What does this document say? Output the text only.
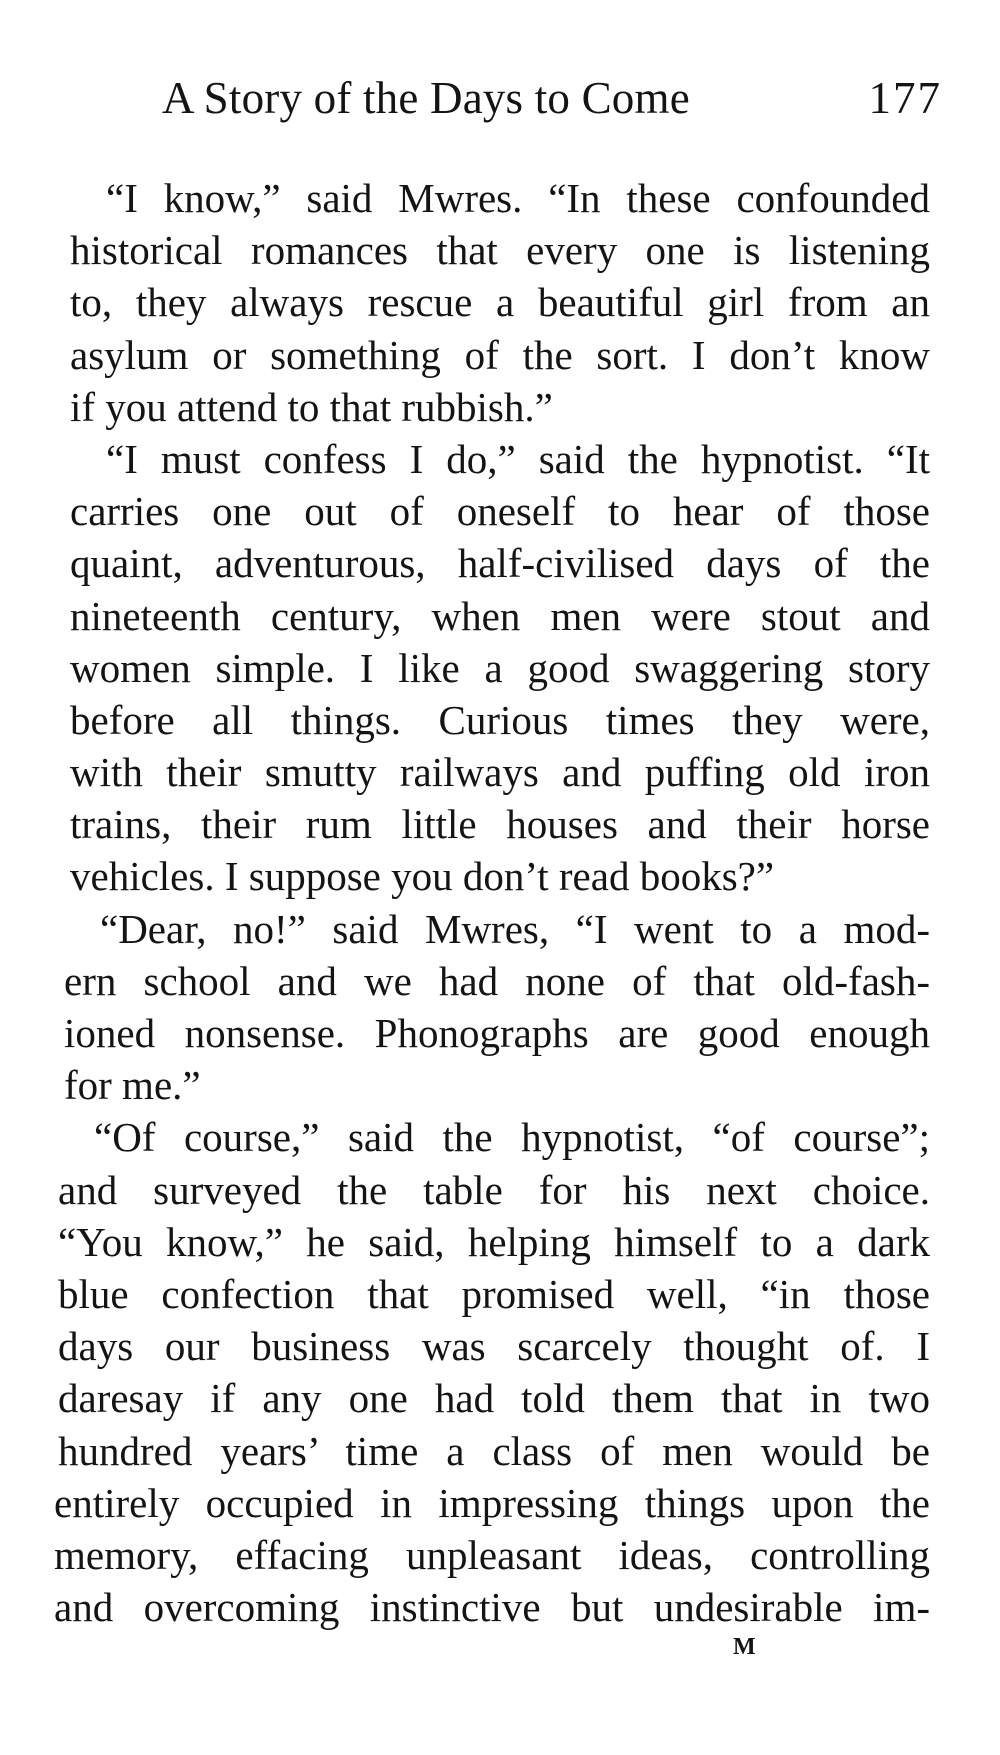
A Story of the Days to Come	177
“I know,” said Mwres. “In these confounded
historical romances that every one is listening
to, they always rescue a beautiful girl from an
asylum or something of the sort. I don’t know
if you attend to that rubbish.”
“I must confess I do,” said the hypnotist. “It
carries one out of oneself to hear of those
quaint, adventurous, half-civilised days of the
nineteenth century, when men were stout and
women simple. I like a good swaggering story
before all things. Curious times they were,
with their smutty railways and puffing old iron
trains, their rum little houses and their horse
vehicles. I suppose you don’t read books?”
“Dear, no!” said Mwres, “I went to a mod-
ern school and we had none of that old-fash-
ioned nonsense. Phonographs are good enough
for me.”
“Of course,” said the hypnotist, “of course”;
and surveyed the table for his next choice.
“You know,” he said, helping himself to a dark
blue confection that promised well, “in those
days our business was scarcely thought of. I
daresay if any one had told them that in two
hundred years’ time a class of men would be
entirely occupied in impressing things upon the
memory, effacing unpleasant ideas, controlling
and overcoming instinctive but undesirable im-
M
